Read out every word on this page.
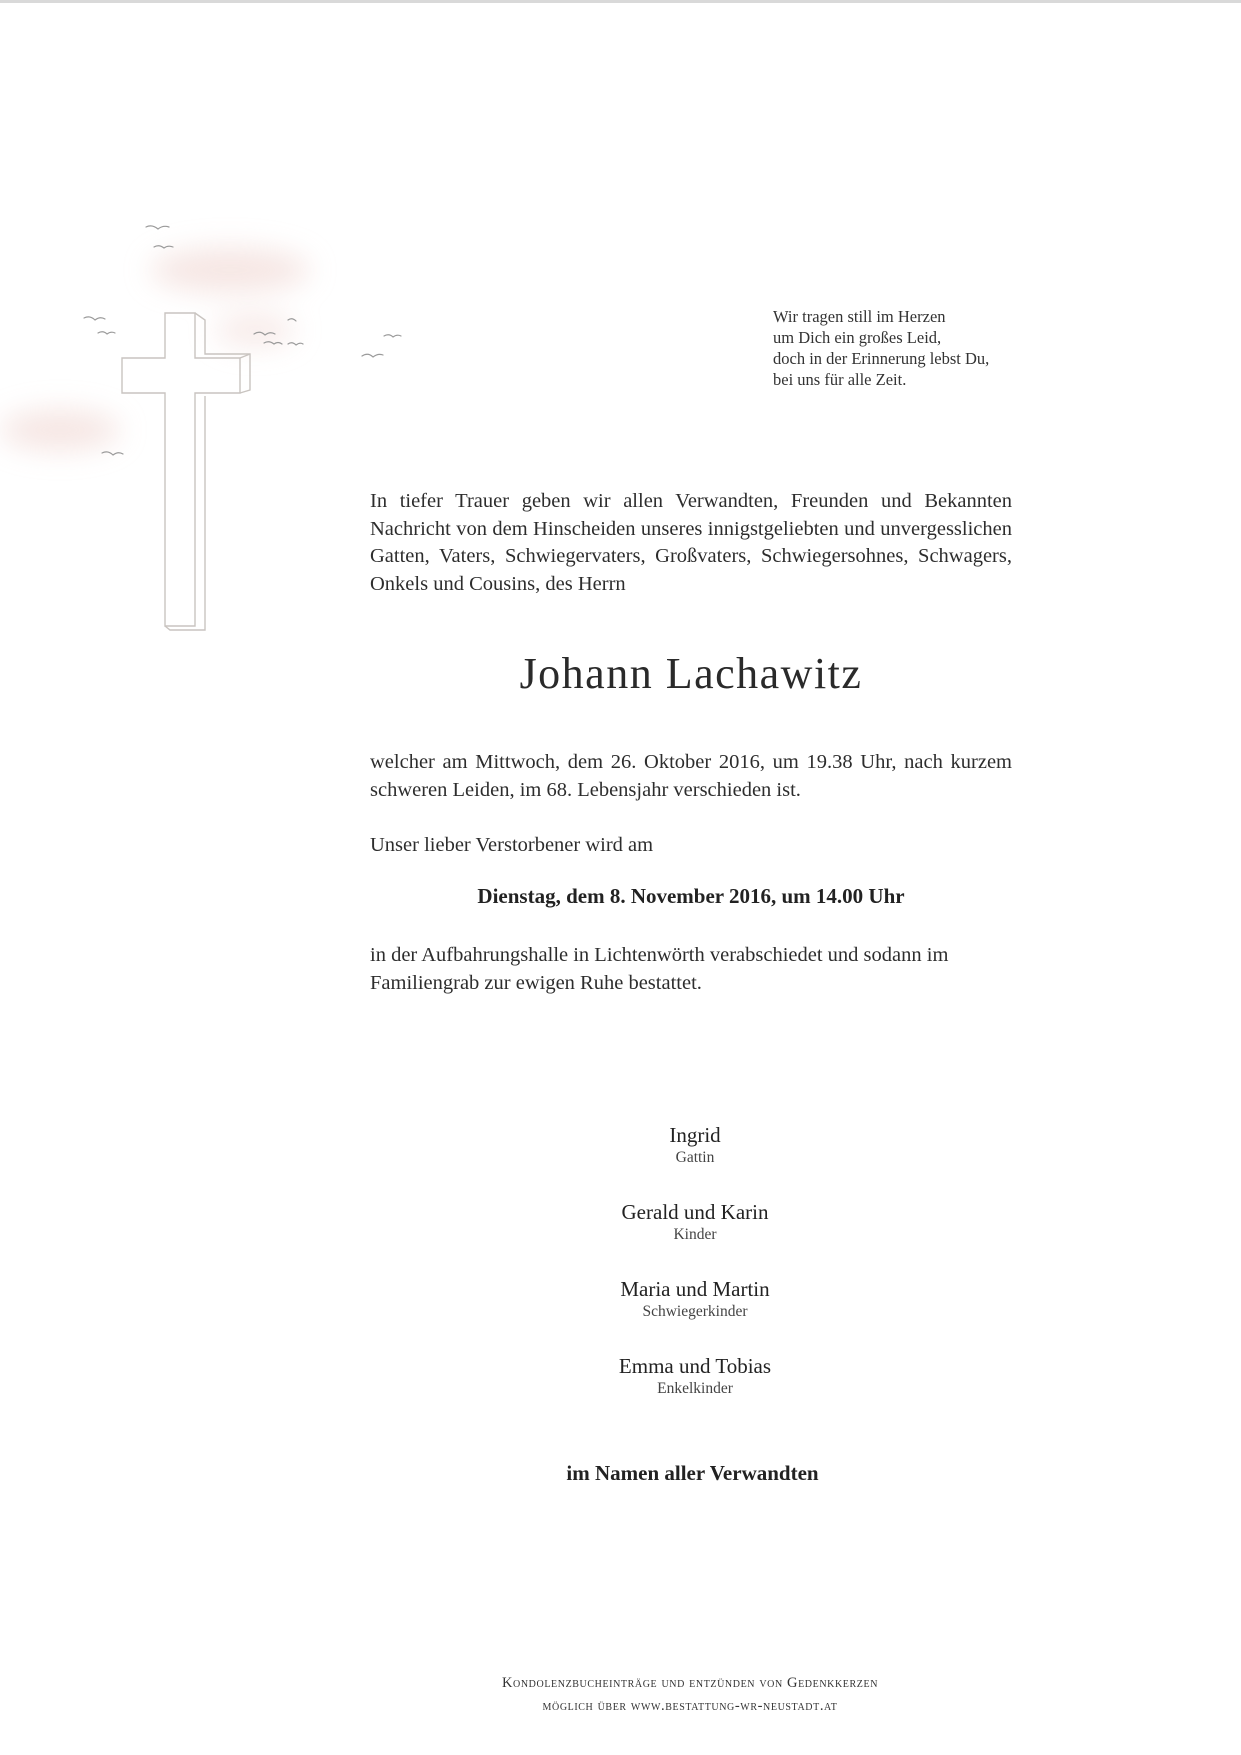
Wir tragen still im Herzen
um Dich ein großes Leid,
doch in der Erinnerung lebst Du,
bei uns für alle Zeit.
In tiefer Trauer geben wir allen Verwandten, Freunden und Bekannten Nachricht von dem Hinscheiden unseres innigstgeliebten und unvergesslichen Gatten, Vaters, Schwiegervaters, Großvaters, Schwiegersohnes, Schwagers, Onkels und Cousins, des Herrn
Johann Lachawitz
welcher am Mittwoch, dem 26. Oktober 2016, um 19.38 Uhr, nach kurzem schweren Leiden, im 68. Lebensjahr verschieden ist.
Unser lieber Verstorbener wird am
Dienstag, dem 8. November 2016, um 14.00 Uhr
in der Aufbahrungshalle in Lichtenwörth verabschiedet und sodann im Familiengrab zur ewigen Ruhe bestattet.
Ingrid
Gattin
Gerald und Karin
Kinder
Maria und Martin
Schwiegerkinder
Emma und Tobias
Enkelkinder
im Namen aller Verwandten
Kondolenzbucheinträge und entzünden von Gedenkkerzen
möglich über www.bestattung-wr-neustadt.at
